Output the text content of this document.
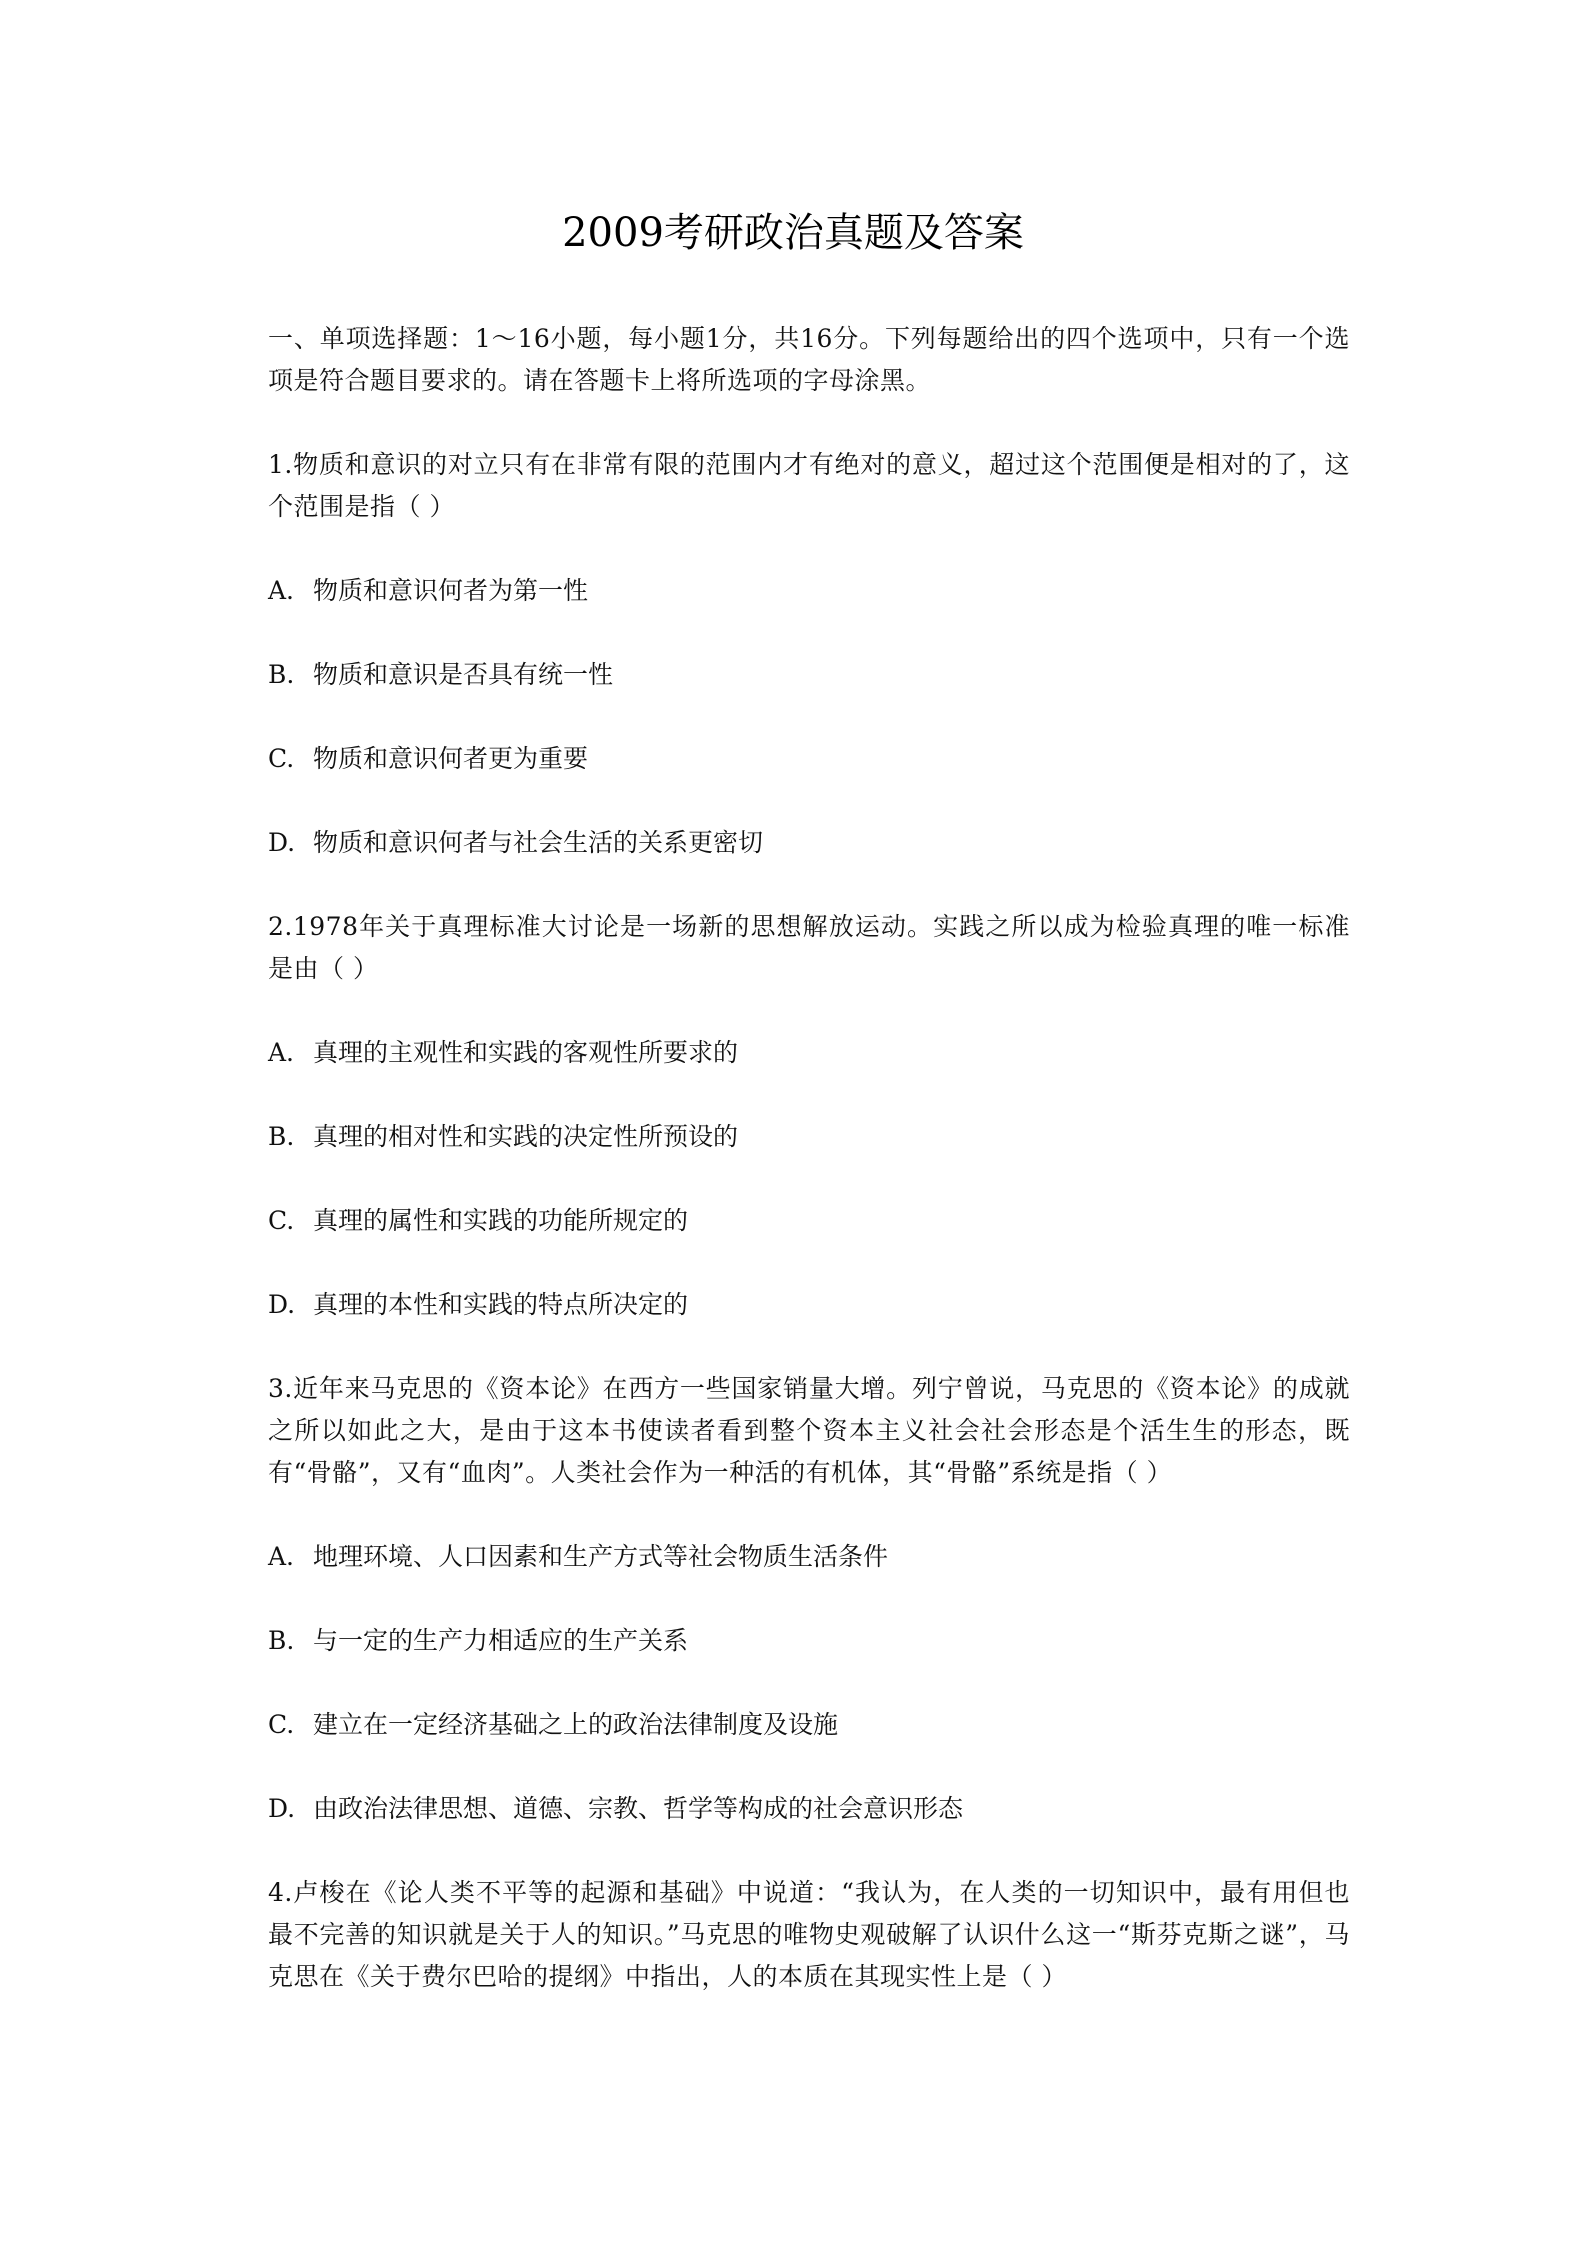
2009考研政治真题及答案

一、单项选择题：1～16小题，每小题1分，共16分。下列每题给出的四个选项中，只有一个选项是符合题目要求的。请在答题卡上将所选项的字母涂黑。

1.物质和意识的对立只有在非常有限的范围内才有绝对的意义，超过这个范围便是相对的了，这个范围是指（ ）

A. 物质和意识何者为第一性

B. 物质和意识是否具有统一性

C. 物质和意识何者更为重要

D. 物质和意识何者与社会生活的关系更密切

2.1978年关于真理标准大讨论是一场新的思想解放运动。实践之所以成为检验真理的唯一标准是由（ ）

A. 真理的主观性和实践的客观性所要求的

B. 真理的相对性和实践的决定性所预设的

C. 真理的属性和实践的功能所规定的

D. 真理的本性和实践的特点所决定的

3.近年来马克思的《资本论》在西方一些国家销量大增。列宁曾说，马克思的《资本论》的成就之所以如此之大，是由于这本书使读者看到整个资本主义社会社会形态是个活生生的形态，既有“骨骼”，又有“血肉”。人类社会作为一种活的有机体，其“骨骼”系统是指（ ）

A. 地理环境、人口因素和生产方式等社会物质生活条件

B. 与一定的生产力相适应的生产关系

C. 建立在一定经济基础之上的政治法律制度及设施

D. 由政治法律思想、道德、宗教、哲学等构成的社会意识形态

4.卢梭在《论人类不平等的起源和基础》中说道：“我认为，在人类的一切知识中，最有用但也最不完善的知识就是关于人的知识。”马克思的唯物史观破解了认识什么这一“斯芬克斯之谜”，马克思在《关于费尔巴哈的提纲》中指出，人的本质在其现实性上是（ ）
